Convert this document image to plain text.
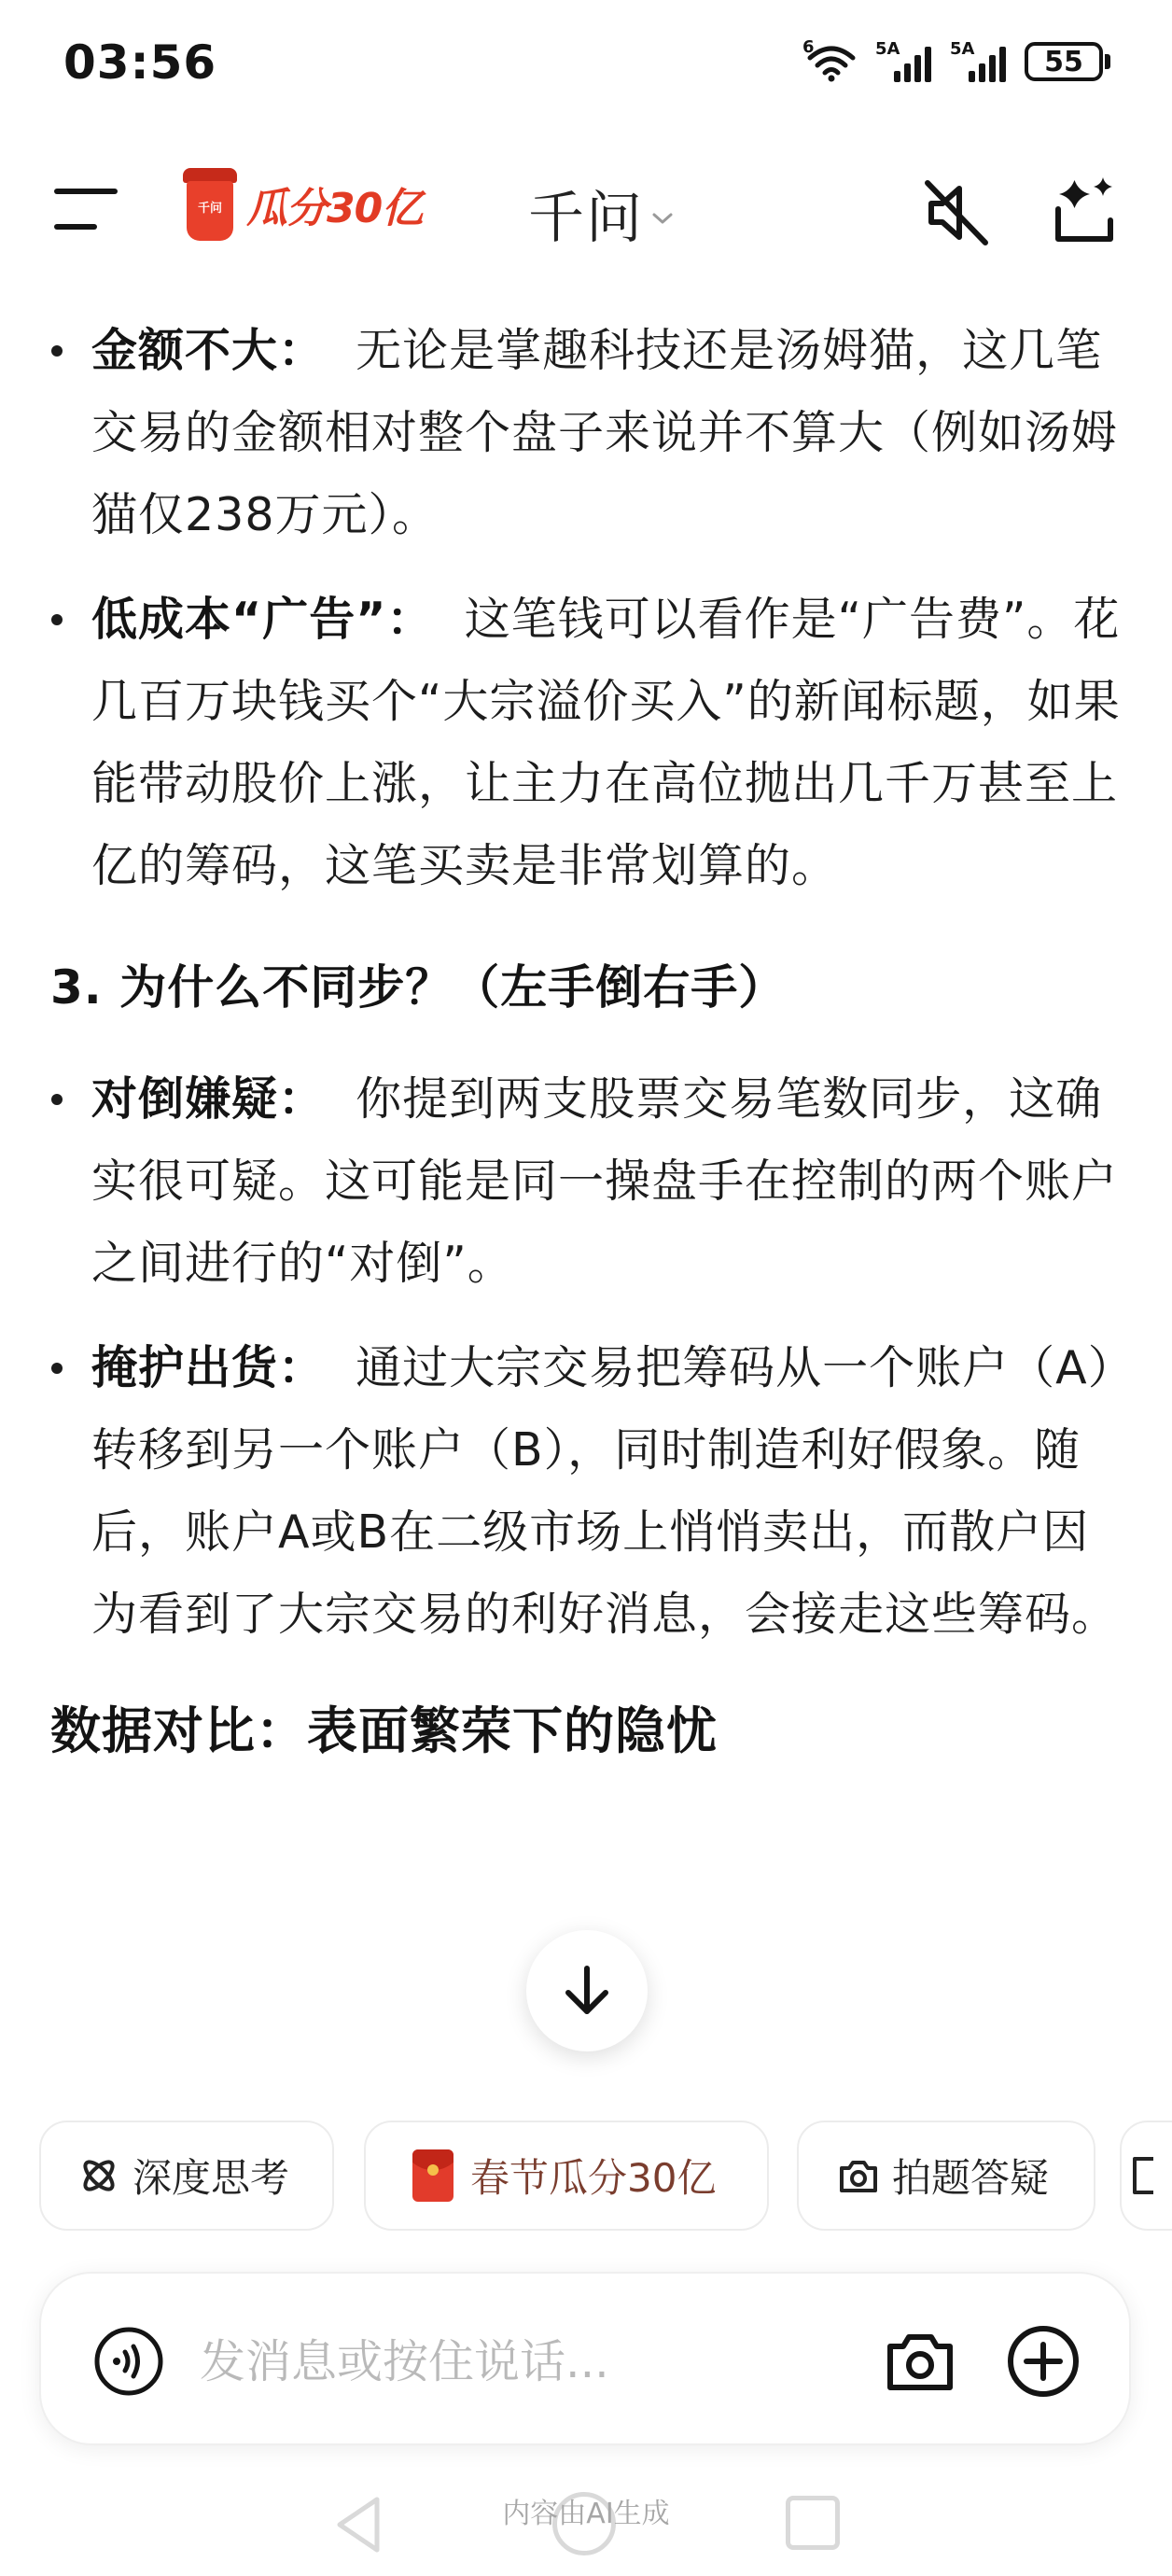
03:56	6	5A	5A	55
千问 瓜分30亿 千问
金额不大： 无论是掌趣科技还是汤姆猫，这几笔交易的金额相对整个盘子来说并不算大（例如汤姆猫仅238万元）。
低成本“广告”： 这笔钱可以看作是“广告费”。花几百万块钱买个“大宗溢价买入”的新闻标题，如果能带动股价上涨，让主力在高位抛出几千万甚至上亿的筹码，这笔买卖是非常划算的。
3. 为什么不同步？（左手倒右手）
对倒嫌疑： 你提到两支股票交易笔数同步，这确实很可疑。这可能是同一操盘手在控制的两个账户之间进行的“对倒”。
掩护出货： 通过大宗交易把筹码从一个账户（A）转移到另一个账户（B），同时制造利好假象。随后，账户A或B在二级市场上悄悄卖出，而散户因为看到了大宗交易的利好消息，会接走这些筹码。
数据对比：表面繁荣下的隐忧
深度思考	春节瓜分30亿	拍题答疑
发消息或按住说话...
内容由AI生成
